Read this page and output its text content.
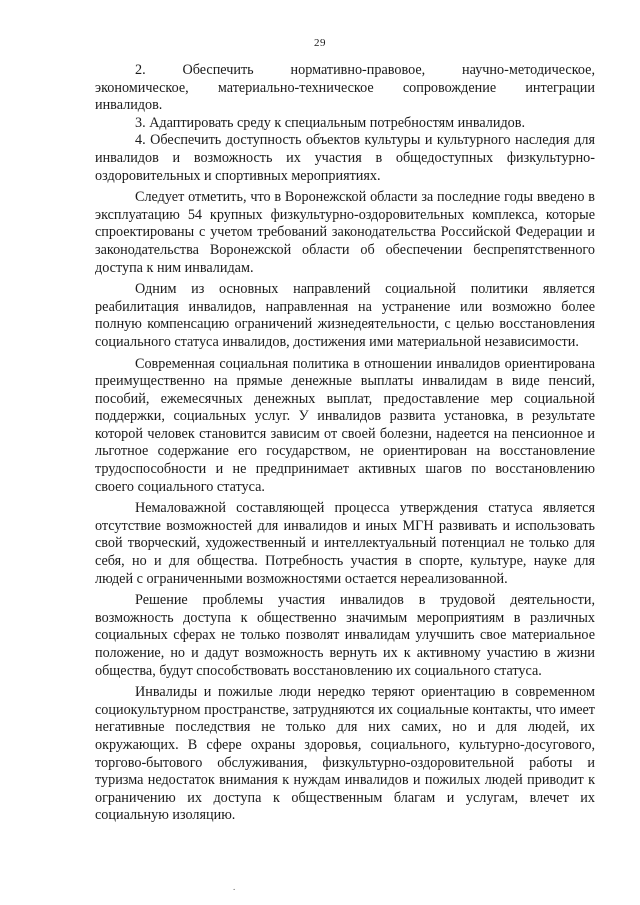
29

2. Обеспечить нормативно-правовое, научно-методическое, экономическое, материально-техническое сопровождение интеграции инвалидов.

3. Адаптировать среду к специальным потребностям инвалидов.

4. Обеспечить доступность объектов культуры и культурного наследия для инвалидов и возможность их участия в общедоступных физкультурно-оздоровительных и спортивных мероприятиях.

Следует отметить, что в Воронежской области за последние годы введено в эксплуатацию 54 крупных физкультурно-оздоровительных комплекса, которые спроектированы с учетом требований законодательства Российской Федерации и законодательства Воронежской области об обеспечении беспрепятственного доступа к ним инвалидам.

Одним из основных направлений социальной политики является реабилитация инвалидов, направленная на устранение или возможно более полную компенсацию ограничений жизнедеятельности, с целью восстановления социального статуса инвалидов, достижения ими материальной независимости.

Современная социальная политика в отношении инвалидов ориентирована преимущественно на прямые денежные выплаты инвалидам в виде пенсий, пособий, ежемесячных денежных выплат, предоставление мер социальной поддержки, социальных услуг. У инвалидов развита установка, в результате которой человек становится зависим от своей болезни, надеется на пенсионное и льготное содержание его государством, не ориентирован на восстановление трудоспособности и не предпринимает активных шагов по восстановлению своего социального статуса.

Немаловажной составляющей процесса утверждения статуса является отсутствие возможностей для инвалидов и иных МГН развивать и использовать свой творческий, художественный и интеллектуальный потенциал не только для себя, но и для общества. Потребность участия в спорте, культуре, науке для людей с ограниченными возможностями остается нереализованной.

Решение проблемы участия инвалидов в трудовой деятельности, возможность доступа к общественно значимым мероприятиям в различных социальных сферах не только позволят инвалидам улучшить свое материальное положение, но и дадут возможность вернуть их к активному участию в жизни общества, будут способствовать восстановлению их социального статуса.

Инвалиды и пожилые люди нередко теряют ориентацию в современном социокультурном пространстве, затрудняются их социальные контакты, что имеет негативные последствия не только для них самих, но и для людей, их окружающих. В сфере охраны здоровья, социального, культурно-досугового, торгово-бытового обслуживания, физкультурно-оздоровительной работы и туризма недостаток внимания к нуждам инвалидов и пожилых людей приводит к ограничению их доступа к общественным благам и услугам, влечет их социальную изоляцию.

.
